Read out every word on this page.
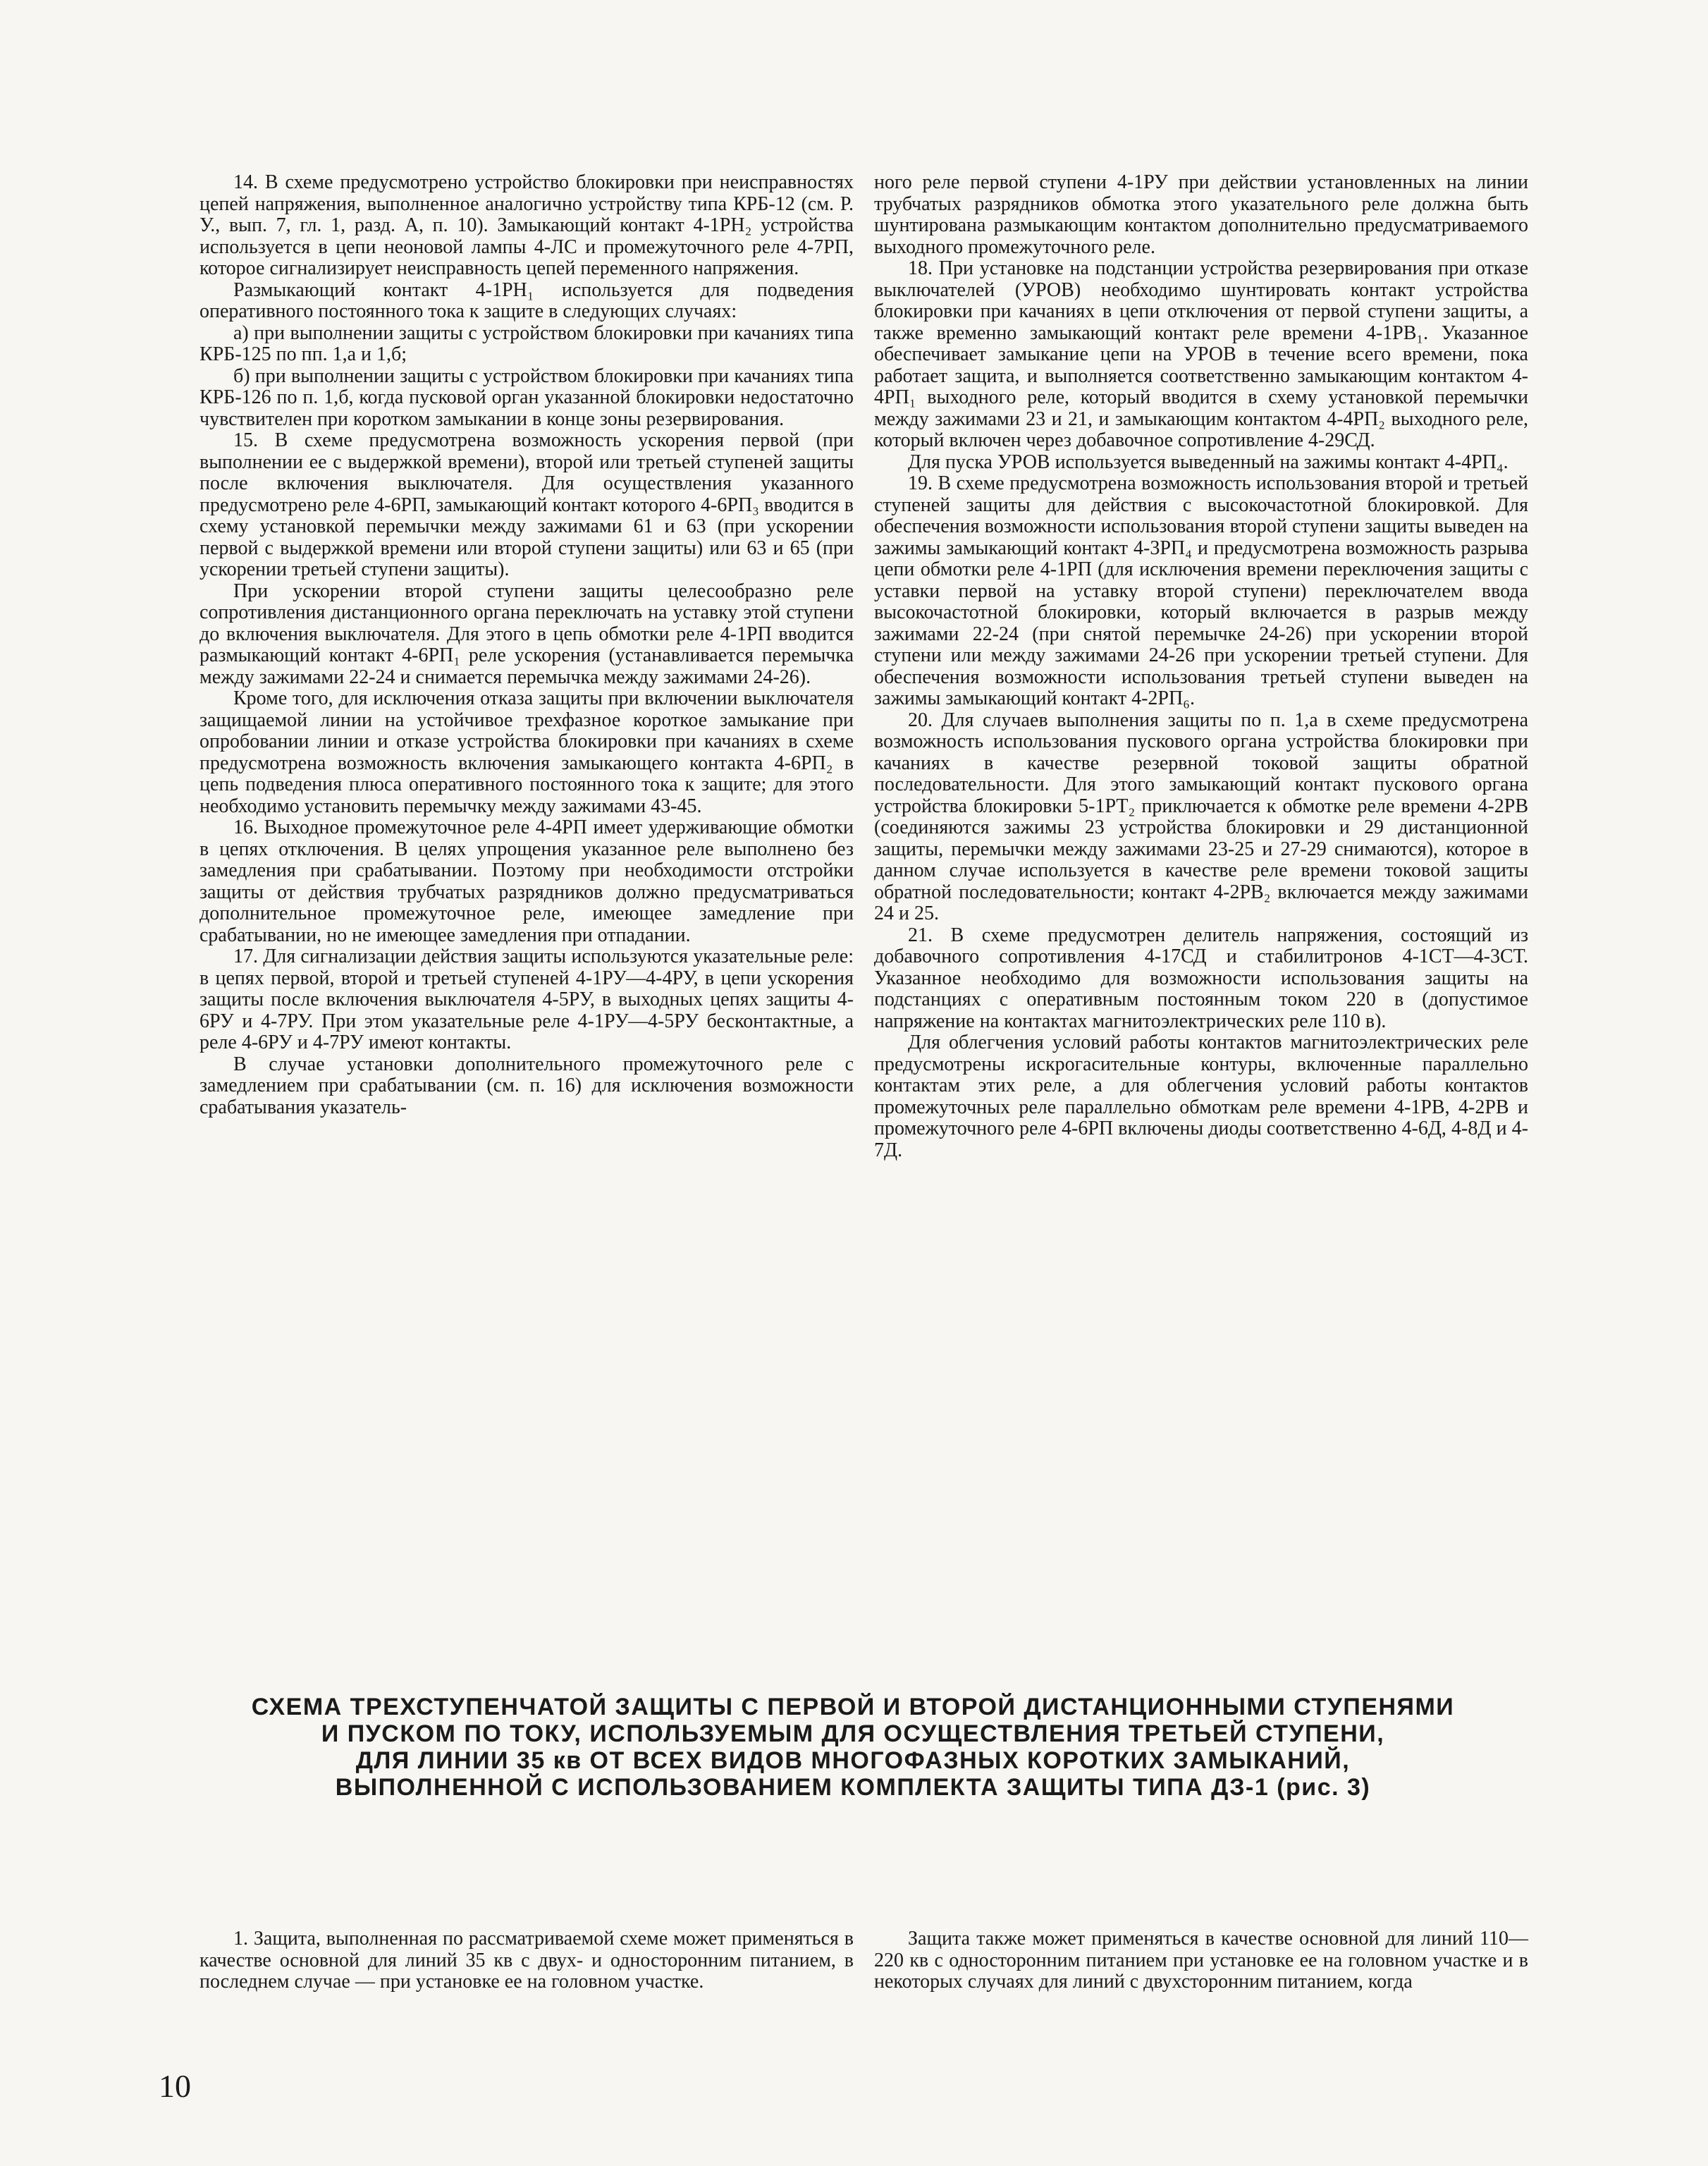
14. В схеме предусмотрено устройство блокировки при неисправностях цепей напряжения, выполненное аналогично устройству типа КРБ-12 (см. Р. У., вып. 7, гл. 1, разд. А, п. 10). Замыкающий контакт 4-1РН₂ устройства используется в цепи неоновой лампы 4-ЛС и промежуточного реле 4-7РП, которое сигнализирует неисправность цепей переменного напряжения.

Размыкающий контакт 4-1РН₁ используется для подведения оперативного постоянного тока к защите в следующих случаях:

а) при выполнении защиты с устройством блокировки при качаниях типа КРБ-125 по пп. 1,а и 1,б;

б) при выполнении защиты с устройством блокировки при качаниях типа КРБ-126 по п. 1,б, когда пусковой орган указанной блокировки недостаточно чувствителен при коротком замыкании в конце зоны резервирования.

15. В схеме предусмотрена возможность ускорения первой (при выполнении ее с выдержкой времени), второй или третьей ступеней защиты после включения выключателя. Для осуществления указанного предусмотрено реле 4-6РП, замыкающий контакт которого 4-6РП₃ вводится в схему установкой перемычки между зажимами 61 и 63 (при ускорении первой с выдержкой времени или второй ступени защиты) или 63 и 65 (при ускорении третьей ступени защиты).

При ускорении второй ступени защиты целесообразно реле сопротивления дистанционного органа переключать на уставку этой ступени до включения выключателя. Для этого в цепь обмотки реле 4-1РП вводится размыкающий контакт 4-6РП₁ реле ускорения (устанавливается перемычка между зажимами 22-24 и снимается перемычка между зажимами 24-26).

Кроме того, для исключения отказа защиты при включении выключателя защищаемой линии на устойчивое трехфазное короткое замыкание при опробовании линии и отказе устройства блокировки при качаниях в схеме предусмотрена возможность включения замыкающего контакта 4-6РП₂ в цепь подведения плюса оперативного постоянного тока к защите; для этого необходимо установить перемычку между зажимами 43-45.

16. Выходное промежуточное реле 4-4РП имеет удерживающие обмотки в цепях отключения. В целях упрощения указанное реле выполнено без замедления при срабатывании. Поэтому при необходимости отстройки защиты от действия трубчатых разрядников должно предусматриваться дополнительное промежуточное реле, имеющее замедление при срабатывании, но не имеющее замедления при отпадании.

17. Для сигнализации действия защиты используются указательные реле: в цепях первой, второй и третьей ступеней 4-1РУ—4-4РУ, в цепи ускорения защиты после включения выключателя 4-5РУ, в выходных цепях защиты 4-6РУ и 4-7РУ. При этом указательные реле 4-1РУ—4-5РУ бесконтактные, а реле 4-6РУ и 4-7РУ имеют контакты.

В случае установки дополнительного промежуточного реле с замедлением при срабатывании (см. п. 16) для исключения возможности срабатывания указатель-

ного реле первой ступени 4-1РУ при действии установленных на линии трубчатых разрядников обмотка этого указательного реле должна быть шунтирована размыкающим контактом дополнительно предусматриваемого выходного промежуточного реле.

18. При установке на подстанции устройства резервирования при отказе выключателей (УРОВ) необходимо шунтировать контакт устройства блокировки при качаниях в цепи отключения от первой ступени защиты, а также временно замыкающий контакт реле времени 4-1РВ₁. Указанное обеспечивает замыкание цепи на УРОВ в течение всего времени, пока работает защита, и выполняется соответственно замыкающим контактом 4-4РП₁ выходного реле, который вводится в схему установкой перемычки между зажимами 23 и 21, и замыкающим контактом 4-4РП₂ выходного реле, который включен через добавочное сопротивление 4-29СД.

Для пуска УРОВ используется выведенный на зажимы контакт 4-4РП₄.

19. В схеме предусмотрена возможность использования второй и третьей ступеней защиты для действия с высокочастотной блокировкой. Для обеспечения возможности использования второй ступени защиты выведен на зажимы замыкающий контакт 4-3РП₄ и предусмотрена возможность разрыва цепи обмотки реле 4-1РП (для исключения времени переключения защиты с уставки первой на уставку второй ступени) переключателем ввода высокочастотной блокировки, который включается в разрыв между зажимами 22-24 (при снятой перемычке 24-26) при ускорении второй ступени или между зажимами 24-26 при ускорении третьей ступени. Для обеспечения возможности использования третьей ступени выведен на зажимы замыкающий контакт 4-2РП₆.

20. Для случаев выполнения защиты по п. 1,а в схеме предусмотрена возможность использования пускового органа устройства блокировки при качаниях в качестве резервной токовой защиты обратной последовательности. Для этого замыкающий контакт пускового органа устройства блокировки 5-1РТ₂ приключается к обмотке реле времени 4-2РВ (соединяются зажимы 23 устройства блокировки и 29 дистанционной защиты, перемычки между зажимами 23-25 и 27-29 снимаются), которое в данном случае используется в качестве реле времени токовой защиты обратной последовательности; контакт 4-2РВ₂ включается между зажимами 24 и 25.

21. В схеме предусмотрен делитель напряжения, состоящий из добавочного сопротивления 4-17СД и стабилитронов 4-1СТ—4-3СТ. Указанное необходимо для возможности использования защиты на подстанциях с оперативным постоянным током 220 в (допустимое напряжение на контактах магнитоэлектрических реле 110 в).

Для облегчения условий работы контактов магнитоэлектрических реле предусмотрены искрогасительные контуры, включенные параллельно контактам этих реле, а для облегчения условий работы контактов промежуточных реле параллельно обмоткам реле времени 4-1РВ, 4-2РВ и промежуточного реле 4-6РП включены диоды соответственно 4-6Д, 4-8Д и 4-7Д.

СХЕМА ТРЕХСТУПЕНЧАТОЙ ЗАЩИТЫ С ПЕРВОЙ И ВТОРОЙ ДИСТАНЦИОННЫМИ СТУПЕНЯМИ
И ПУСКОМ ПО ТОКУ, ИСПОЛЬЗУЕМЫМ ДЛЯ ОСУЩЕСТВЛЕНИЯ ТРЕТЬЕЙ СТУПЕНИ,
ДЛЯ ЛИНИИ 35 кв ОТ ВСЕХ ВИДОВ МНОГОФАЗНЫХ КОРОТКИХ ЗАМЫКАНИЙ,
ВЫПОЛНЕННОЙ С ИСПОЛЬЗОВАНИЕМ КОМПЛЕКТА ЗАЩИТЫ ТИПА ДЗ-1 (рис. 3)

1. Защита, выполненная по рассматриваемой схеме может применяться в качестве основной для линий 35 кв с двух- и односторонним питанием, в последнем случае — при установке ее на головном участке.

Защита также может применяться в качестве основной для линий 110—220 кв с односторонним питанием при установке ее на головном участке и в некоторых случаях для линий с двухсторонним питанием, когда

10
